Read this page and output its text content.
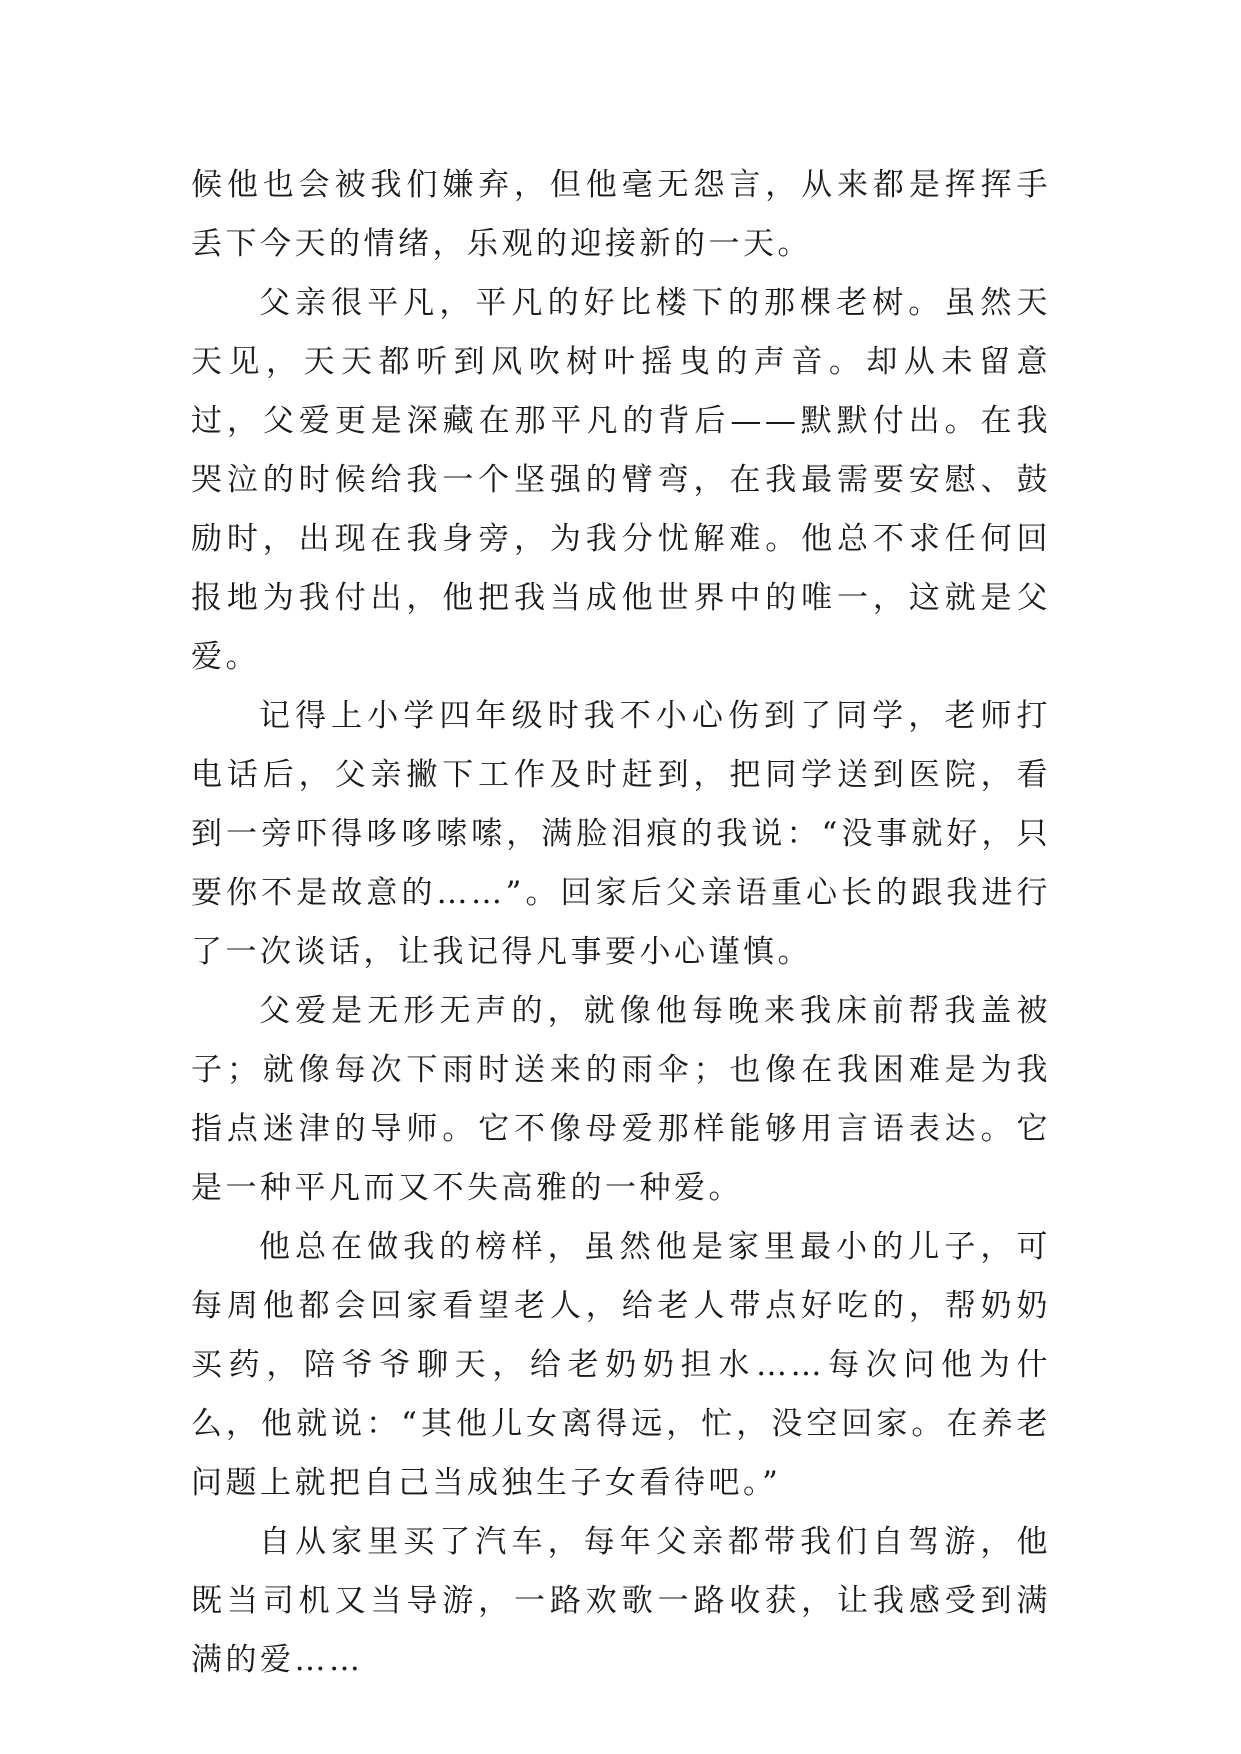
候他也会被我们嫌弃，但他毫无怨言，从来都是挥挥手丢下今天的情绪，乐观的迎接新的一天。

父亲很平凡，平凡的好比楼下的那棵老树。虽然天天见，天天都听到风吹树叶摇曳的声音。却从未留意过，父爱更是深藏在那平凡的背后——默默付出。在我哭泣的时候给我一个坚强的臂弯，在我最需要安慰、鼓励时，出现在我身旁，为我分忧解难。他总不求任何回报地为我付出，他把我当成他世界中的唯一，这就是父爱。

记得上小学四年级时我不小心伤到了同学，老师打电话后，父亲撇下工作及时赶到，把同学送到医院，看到一旁吓得哆哆嗦嗦，满脸泪痕的我说：“没事就好，只要你不是故意的……”。回家后父亲语重心长的跟我进行了一次谈话，让我记得凡事要小心谨慎。

父爱是无形无声的，就像他每晚来我床前帮我盖被子；就像每次下雨时送来的雨伞；也像在我困难是为我指点迷津的导师。它不像母爱那样能够用言语表达。它是一种平凡而又不失高雅的一种爱。

他总在做我的榜样，虽然他是家里最小的儿子，可每周他都会回家看望老人，给老人带点好吃的，帮奶奶买药，陪爷爷聊天，给老奶奶担水……每次问他为什么，他就说：“其他儿女离得远，忙，没空回家。在养老问题上就把自己当成独生子女看待吧。”

自从家里买了汽车，每年父亲都带我们自驾游，他既当司机又当导游，一路欢歌一路收获，让我感受到满满的爱……
